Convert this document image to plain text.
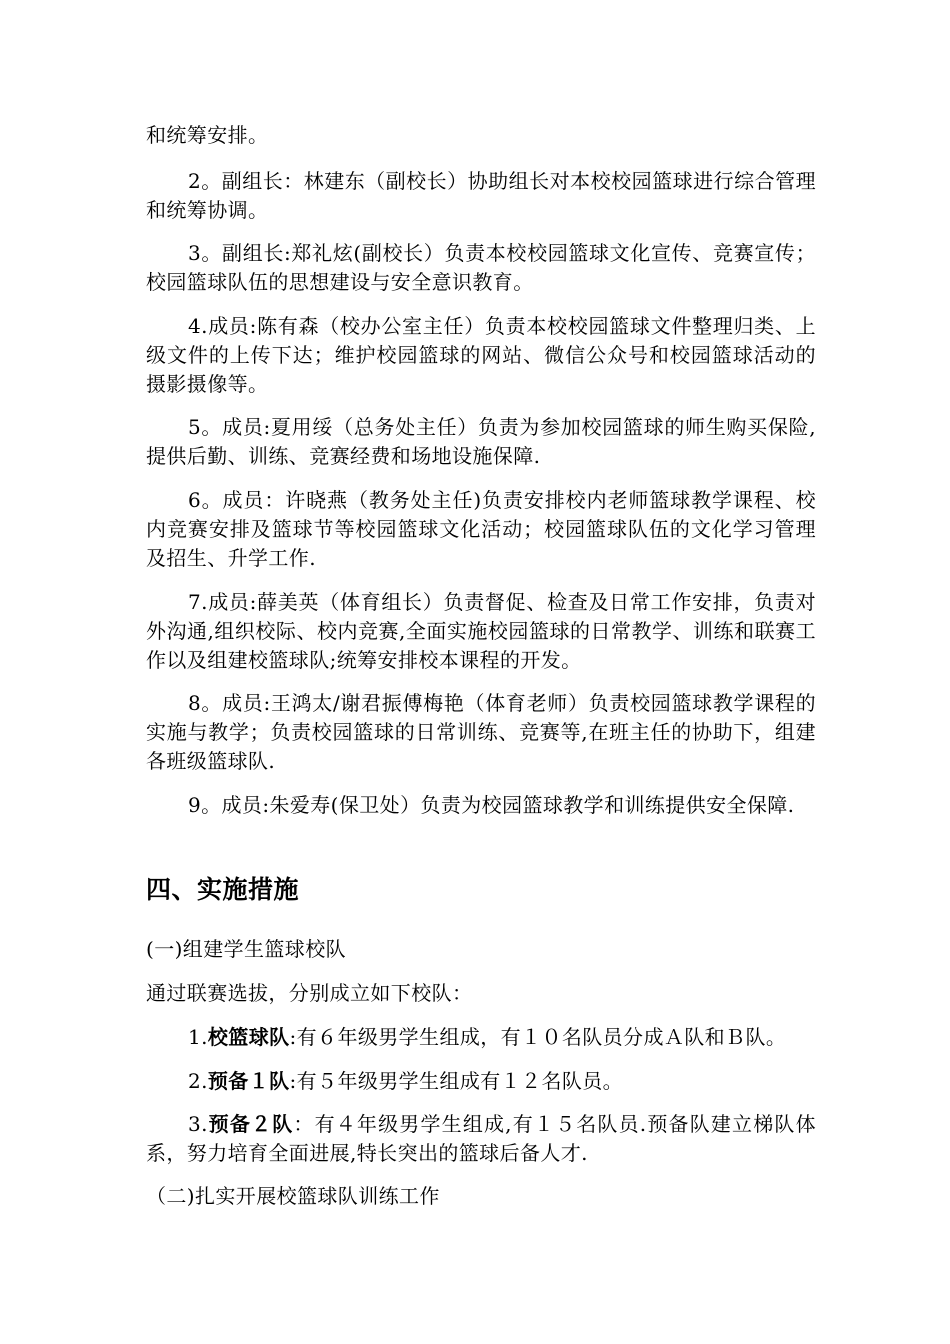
和统筹安排。

2。副组长：林建东（副校长）协助组长对本校校园篮球进行综合管理和统筹协调。

3。副组长:郑礼炫(副校长）负责本校校园篮球文化宣传、竞赛宣传；校园篮球队伍的思想建设与安全意识教育。

4.成员:陈有森（校办公室主任）负责本校校园篮球文件整理归类、上级文件的上传下达；维护校园篮球的网站、微信公众号和校园篮球活动的摄影摄像等。

5。成员:夏用绥（总务处主任）负责为参加校园篮球的师生购买保险,提供后勤、训练、竞赛经费和场地设施保障.

6。成员：许晓燕（教务处主任)负责安排校内老师篮球教学课程、校内竞赛安排及篮球节等校园篮球文化活动；校园篮球队伍的文化学习管理及招生、升学工作.

7.成员:薛美英（体育组长）负责督促、检查及日常工作安排，负责对外沟通,组织校际、校内竞赛,全面实施校园篮球的日常教学、训练和联赛工作以及组建校篮球队;统筹安排校本课程的开发。

8。成员:王鸿太/谢君振傅梅艳（体育老师）负责校园篮球教学课程的实施与教学；负责校园篮球的日常训练、竞赛等,在班主任的协助下，组建各班级篮球队.

9。成员:朱爱寿(保卫处）负责为校园篮球教学和训练提供安全保障.

四、实施措施

(一)组建学生篮球校队

通过联赛选拔，分别成立如下校队：

1.校篮球队:有６年级男学生组成，有１０名队员分成Ａ队和Ｂ队。

2.预备１队:有５年级男学生组成有１２名队员。

3.预备２队：有４年级男学生组成,有１５名队员.预备队建立梯队体系，努力培育全面进展,特长突出的篮球后备人才.

（二)扎实开展校篮球队训练工作
